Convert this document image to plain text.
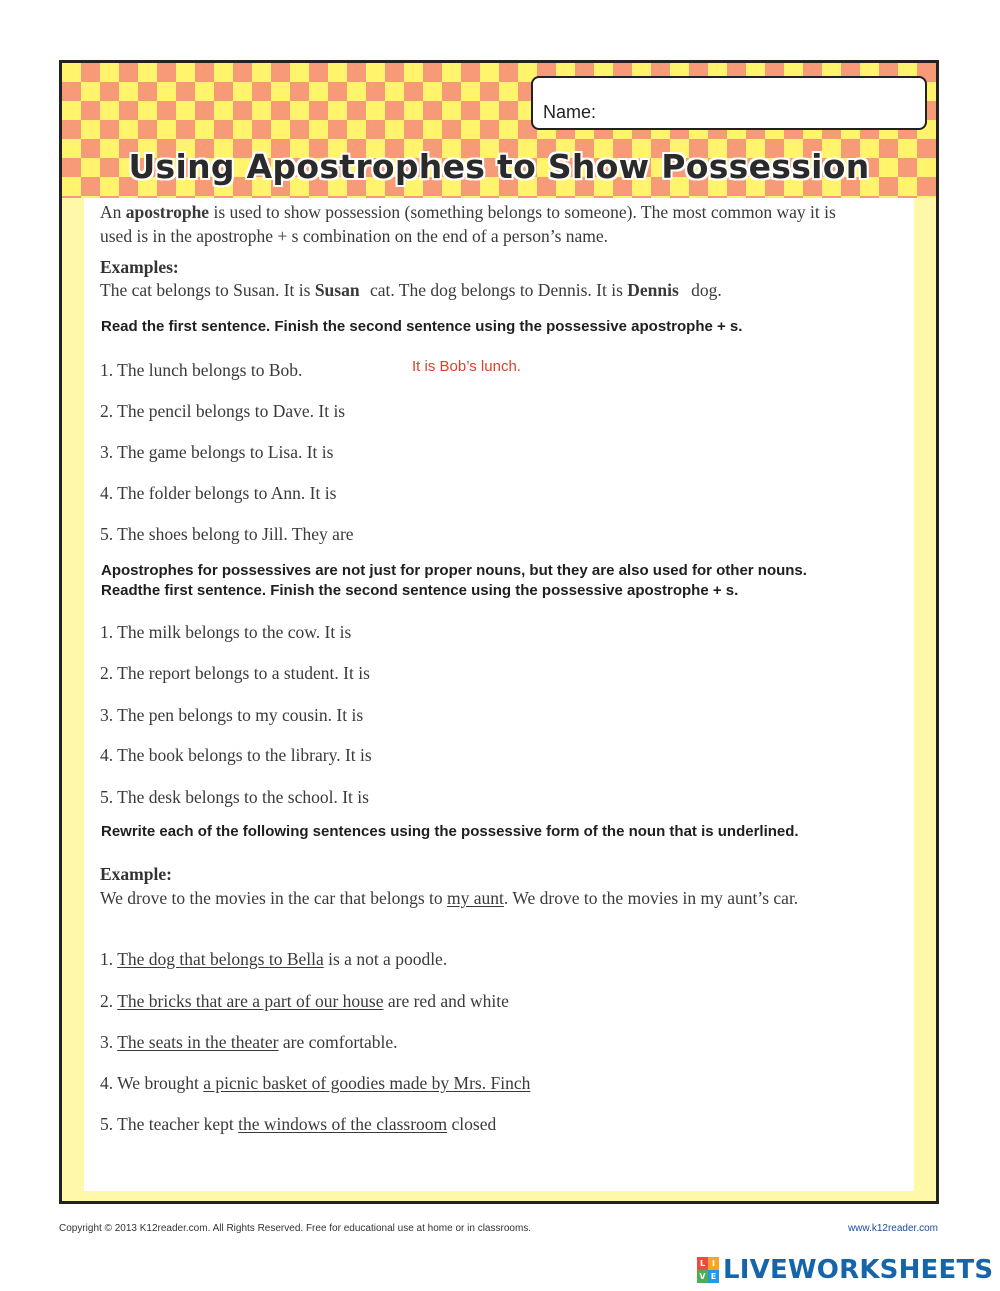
Name:
Using Apostrophes to Show Possession
An apostrophe is used to show possession (something belongs to someone). The most common way it is
used is in the apostrophe + s combination on the end of a person’s name.
Examples:
The cat belongs to Susan. It is Susan cat. The dog belongs to Dennis. It is Dennis dog.
Read the first sentence. Finish the second sentence using the possessive apostrophe + s.
1. The lunch belongs to Bob.	It is Bob’s lunch.
2. The pencil belongs to Dave. It is
3. The game belongs to Lisa. It is
4. The folder belongs to Ann. It is
5. The shoes belong to Jill. They are
Apostrophes for possessives are not just for proper nouns, but they are also used for other nouns.
Readthe first sentence. Finish the second sentence using the possessive apostrophe + s.
1. The milk belongs to the cow. It is
2. The report belongs to a student. It is
3. The pen belongs to my cousin. It is
4. The book belongs to the library. It is
5. The desk belongs to the school. It is
Rewrite each of the following sentences using the possessive form of the noun that is underlined.
Example:
We drove to the movies in the car that belongs to my aunt. We drove to the movies in my aunt’s car.
1. The dog that belongs to Bella is a not a poodle.
2. The bricks that are a part of our house are red and white
3. The seats in the theater are comfortable.
4. We brought a picnic basket of goodies made by Mrs. Finch
5. The teacher kept the windows of the classroom closed
Copyright © 2013 K12reader.com. All Rights Reserved. Free for educational use at home or in classrooms.	www.k12reader.com
L I
V E LIVEWORKSHEETS
